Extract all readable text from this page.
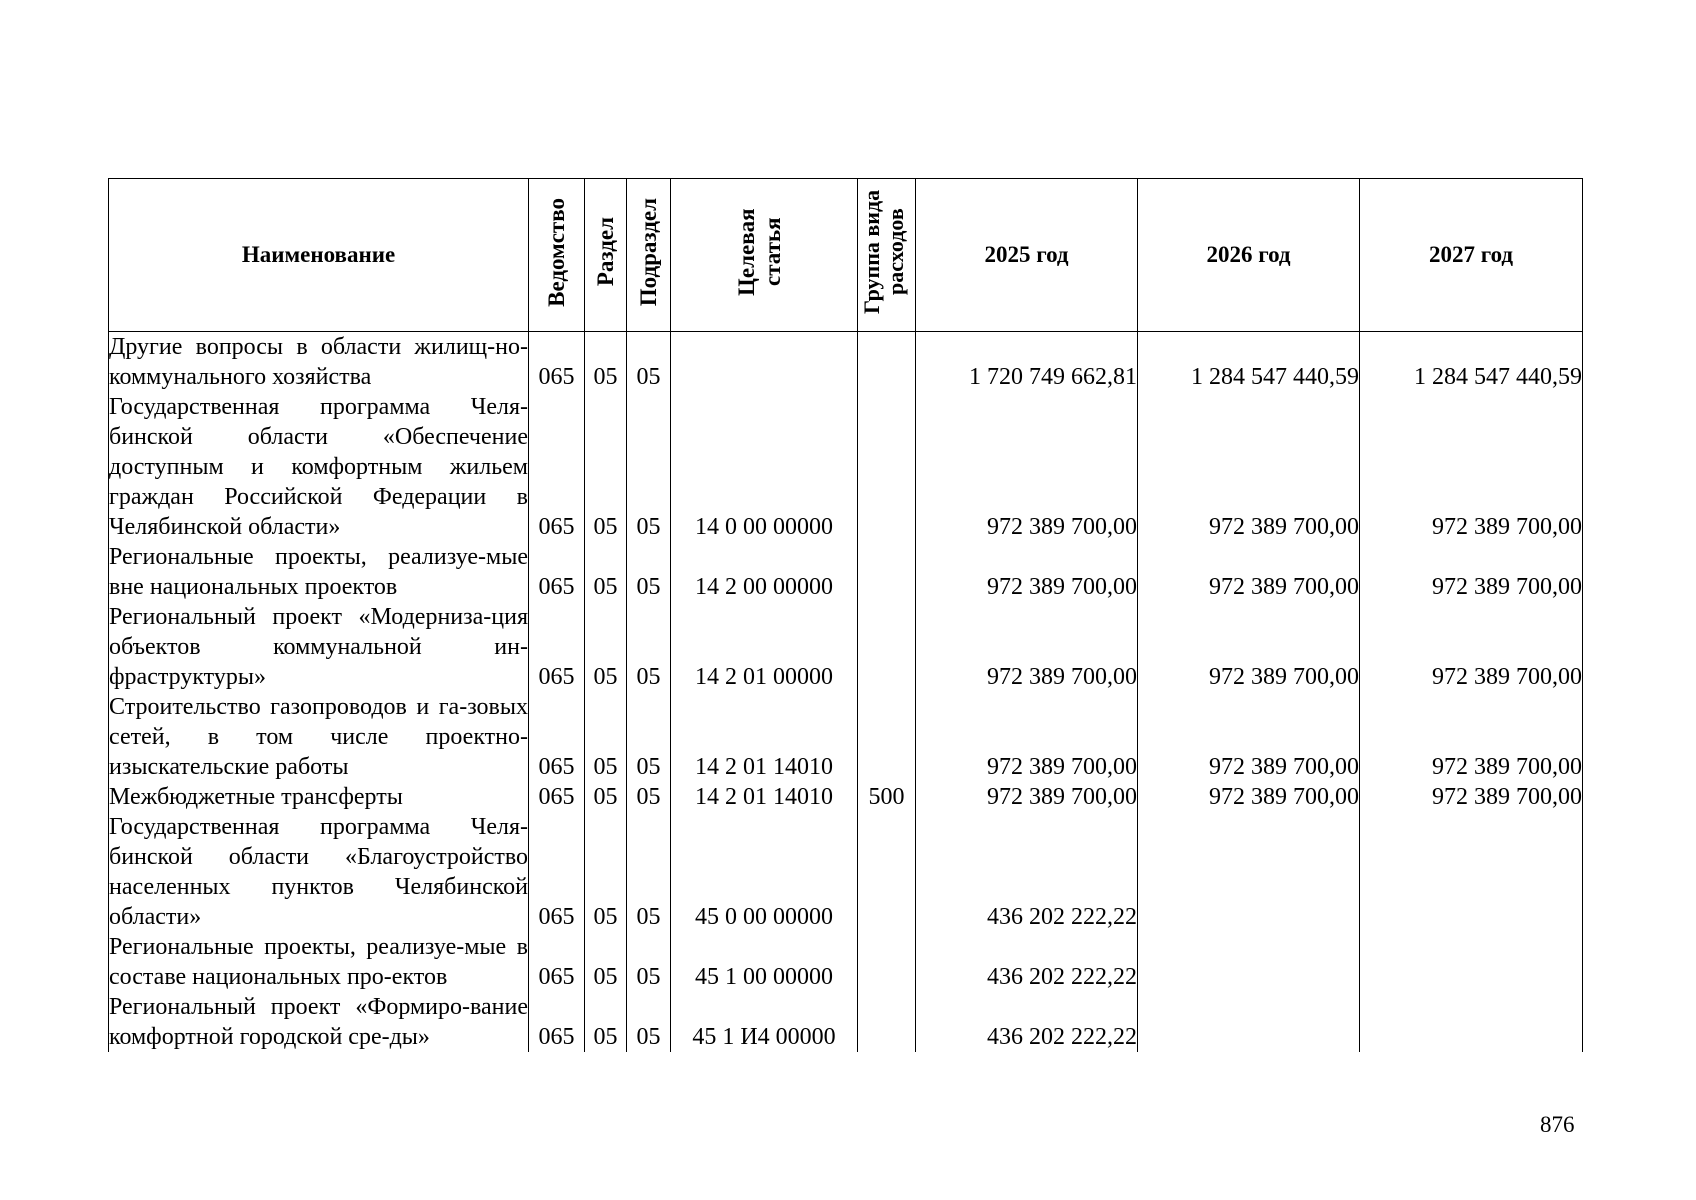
Наименование	Ведомство	Раздел	Подраздел	Целевая статья	Группа вида расходов	2025 год	2026 год	2027 год
Другие вопросы в области жилищ-но-коммунального хозяйства	065	05	05			1 720 749 662,81	1 284 547 440,59	1 284 547 440,59
Государственная программа Челя-бинской области «Обеспечение доступным и комфортным жильем граждан Российской Федерации в Челябинской области»	065	05	05	14 0 00 00000		972 389 700,00	972 389 700,00	972 389 700,00
Региональные проекты, реализуе-мые вне национальных проектов	065	05	05	14 2 00 00000		972 389 700,00	972 389 700,00	972 389 700,00
Региональный проект «Модерниза-ция объектов коммунальной ин-фраструктуры»	065	05	05	14 2 01 00000		972 389 700,00	972 389 700,00	972 389 700,00
Строительство газопроводов и га-зовых сетей, в том числе проектно-изыскательские работы	065	05	05	14 2 01 14010		972 389 700,00	972 389 700,00	972 389 700,00
Межбюджетные трансферты	065	05	05	14 2 01 14010	500	972 389 700,00	972 389 700,00	972 389 700,00
Государственная программа Челя-бинской области «Благоустройство населенных пунктов Челябинской области»	065	05	05	45 0 00 00000		436 202 222,22		
Региональные проекты, реализуе-мые в составе национальных про-ектов	065	05	05	45 1 00 00000		436 202 222,22		
Региональный проект «Формиро-вание комфортной городской сре-ды»	065	05	05	45 1 И4 00000		436 202 222,22		
876
